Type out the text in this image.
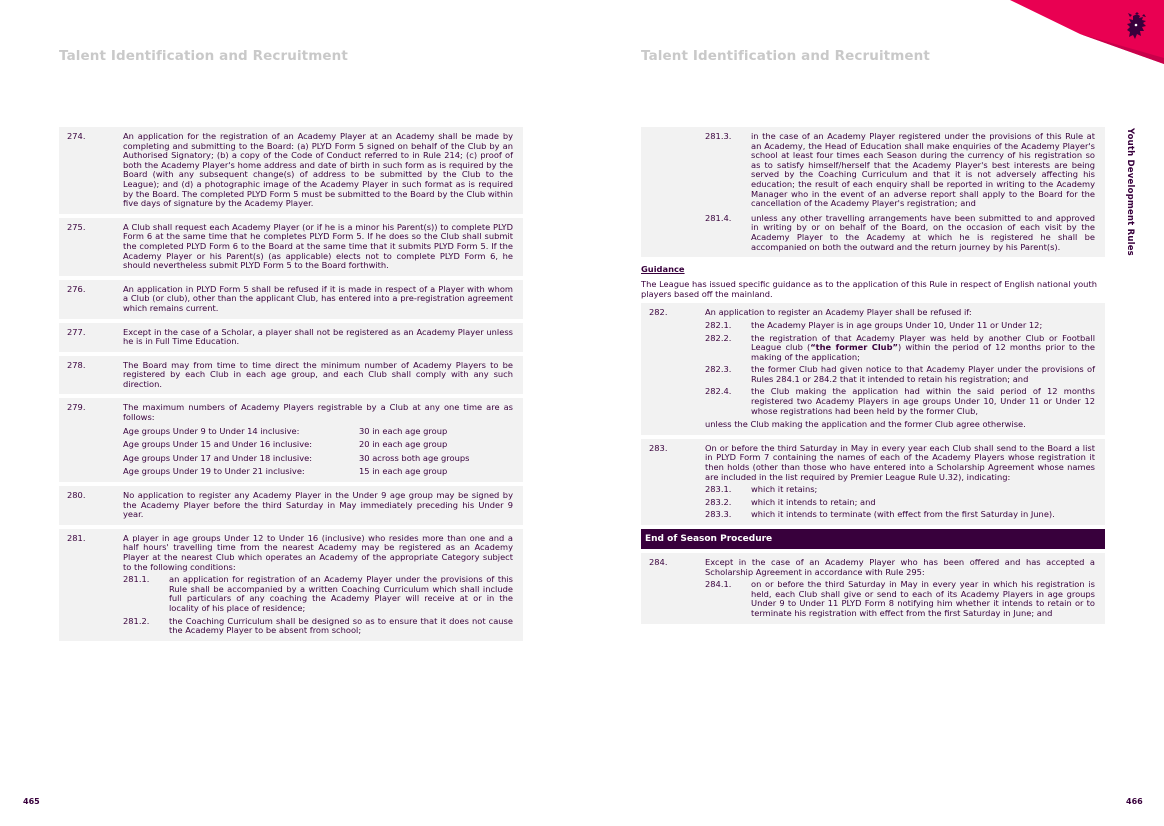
Talent Identification and Recruitment	Talent Identification and Recruitment
Youth Development Rules
274.	An application for the registration of an Academy Player at an Academy shall be made by completing and submitting to the Board: (a) PLYD Form 5 signed on behalf of the Club by an Authorised Signatory; (b) a copy of the Code of Conduct referred to in Rule 214; (c) proof of both the Academy Player's home address and date of birth in such form as is required by the Board (with any subsequent change(s) of address to be submitted by the Club to the League); and (d) a photographic image of the Academy Player in such format as is required by the Board. The completed PLYD Form 5 must be submitted to the Board by the Club within five days of signature by the Academy Player.
275.	A Club shall request each Academy Player (or if he is a minor his Parent(s)) to complete PLYD Form 6 at the same time that he completes PLYD Form 5. If he does so the Club shall submit the completed PLYD Form 6 to the Board at the same time that it submits PLYD Form 5. If the Academy Player or his Parent(s) (as applicable) elects not to complete PLYD Form 6, he should nevertheless submit PLYD Form 5 to the Board forthwith.
276.	An application in PLYD Form 5 shall be refused if it is made in respect of a Player with whom a Club (or club), other than the applicant Club, has entered into a pre-registration agreement which remains current.
277.	Except in the case of a Scholar, a player shall not be registered as an Academy Player unless he is in Full Time Education.
278.	The Board may from time to time direct the minimum number of Academy Players to be registered by each Club in each age group, and each Club shall comply with any such direction.
279.	The maximum numbers of Academy Players registrable by a Club at any one time are as follows:
Age groups Under 9 to Under 14 inclusive:	30 in each age group
Age groups Under 15 and Under 16 inclusive:	20 in each age group
Age groups Under 17 and Under 18 inclusive:	30 across both age groups
Age groups Under 19 to Under 21 inclusive:	15 in each age group
280.	No application to register any Academy Player in the Under 9 age group may be signed by the Academy Player before the third Saturday in May immediately preceding his Under 9 year.
281.	A player in age groups Under 12 to Under 16 (inclusive) who resides more than one and a half hours' travelling time from the nearest Academy may be registered as an Academy Player at the nearest Club which operates an Academy of the appropriate Category subject to the following conditions:
281.1.	an application for registration of an Academy Player under the provisions of this Rule shall be accompanied by a written Coaching Curriculum which shall include full particulars of any coaching the Academy Player will receive at or in the locality of his place of residence;
281.2.	the Coaching Curriculum shall be designed so as to ensure that it does not cause the Academy Player to be absent from school;
281.3.	in the case of an Academy Player registered under the provisions of this Rule at an Academy, the Head of Education shall make enquiries of the Academy Player's school at least four times each Season during the currency of his registration so as to satisfy himself/herself that the Academy Player's best interests are being served by the Coaching Curriculum and that it is not adversely affecting his education; the result of each enquiry shall be reported in writing to the Academy Manager who in the event of an adverse report shall apply to the Board for the cancellation of the Academy Player's registration; and
281.4.	unless any other travelling arrangements have been submitted to and approved in writing by or on behalf of the Board, on the occasion of each visit by the Academy Player to the Academy at which he is registered he shall be accompanied on both the outward and the return journey by his Parent(s).
Guidance
The League has issued specific guidance as to the application of this Rule in respect of English national youth players based off the mainland.
282.	An application to register an Academy Player shall be refused if:
282.1.	the Academy Player is in age groups Under 10, Under 11 or Under 12;
282.2.	the registration of that Academy Player was held by another Club or Football League club (“the former Club”) within the period of 12 months prior to the making of the application;
282.3.	the former Club had given notice to that Academy Player under the provisions of Rules 284.1 or 284.2 that it intended to retain his registration; and
282.4.	the Club making the application had within the said period of 12 months registered two Academy Players in age groups Under 10, Under 11 or Under 12 whose registrations had been held by the former Club,
unless the Club making the application and the former Club agree otherwise.
283.	On or before the third Saturday in May in every year each Club shall send to the Board a list in PLYD Form 7 containing the names of each of the Academy Players whose registration it then holds (other than those who have entered into a Scholarship Agreement whose names are included in the list required by Premier League Rule U.32), indicating:
283.1.	which it retains;
283.2.	which it intends to retain; and
283.3.	which it intends to terminate (with effect from the first Saturday in June).
End of Season Procedure
284.	Except in the case of an Academy Player who has been offered and has accepted a Scholarship Agreement in accordance with Rule 295:
284.1.	on or before the third Saturday in May in every year in which his registration is held, each Club shall give or send to each of its Academy Players in age groups Under 9 to Under 11 PLYD Form 8 notifying him whether it intends to retain or to terminate his registration with effect from the first Saturday in June; and
465	466
